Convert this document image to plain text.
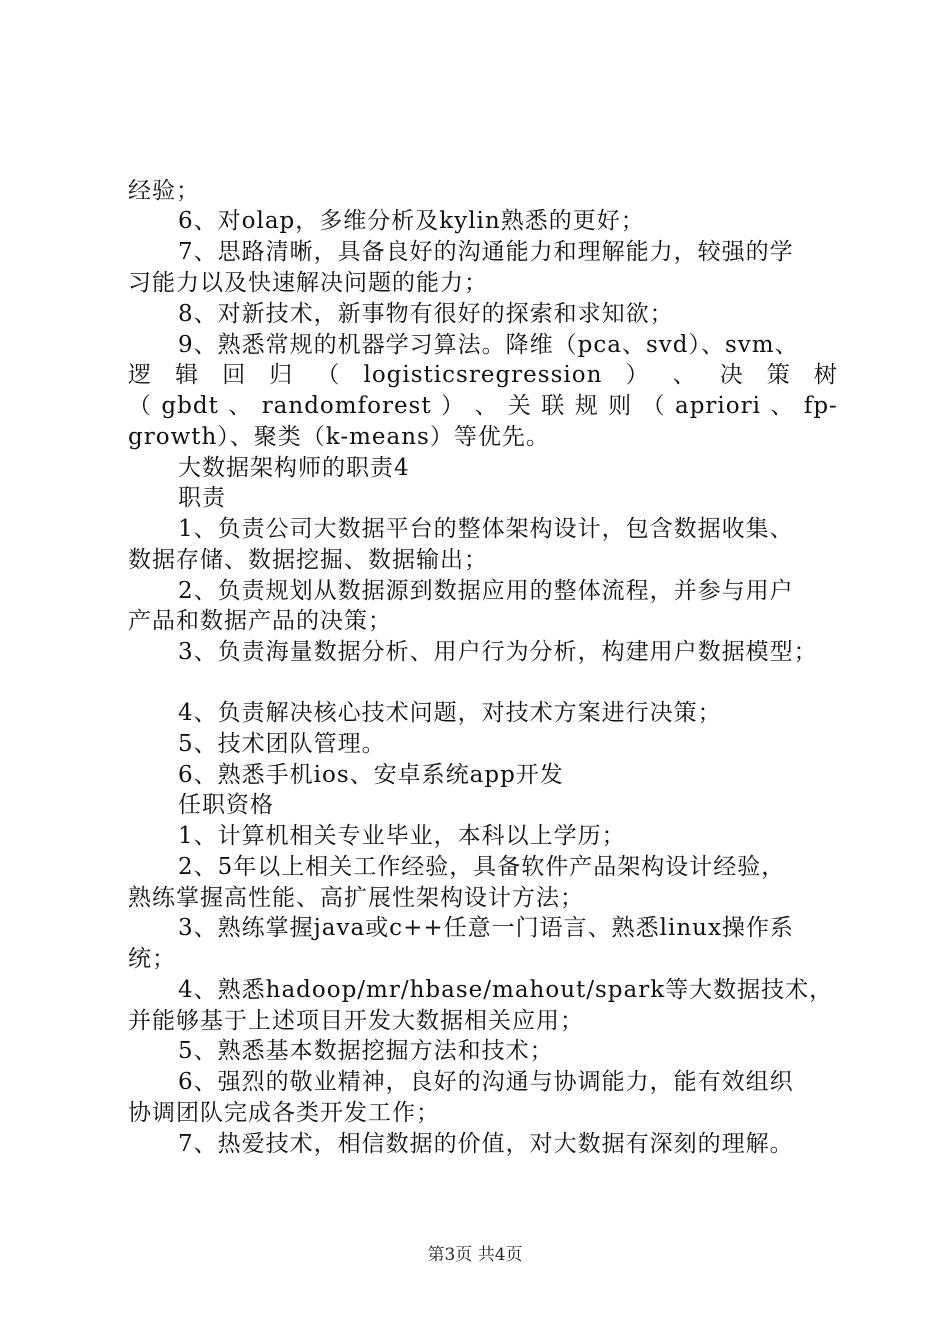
经验；
6、对olap，多维分析及kylin熟悉的更好；
7、思路清晰，具备良好的沟通能力和理解能力，较强的学
习能力以及快速解决问题的能力；
8、对新技术，新事物有很好的探索和求知欲；
9、熟悉常规的机器学习算法。降维（pca、svd）、svm、
逻 辑 回 归 （ logisticsregression ） 、 决 策 树
（ gbdt 、 randomforest ） 、 关 联 规 则 （ apriori 、 fp-
growth）、聚类（k-means）等优先。
大数据架构师的职责4
职责
1、负责公司大数据平台的整体架构设计，包含数据收集、
数据存储、数据挖掘、数据输出；
2、负责规划从数据源到数据应用的整体流程，并参与用户
产品和数据产品的决策；
3、负责海量数据分析、用户行为分析，构建用户数据模型；
4、负责解决核心技术问题，对技术方案进行决策；
5、技术团队管理。
6、熟悉手机ios、安卓系统app开发
任职资格
1、计算机相关专业毕业，本科以上学历；
2、5年以上相关工作经验，具备软件产品架构设计经验，
熟练掌握高性能、高扩展性架构设计方法；
3、熟练掌握java或c++任意一门语言、熟悉linux操作系
统；
4、熟悉hadoop/mr/hbase/mahout/spark等大数据技术，
并能够基于上述项目开发大数据相关应用；
5、熟悉基本数据挖掘方法和技术；
6、强烈的敬业精神，良好的沟通与协调能力，能有效组织
协调团队完成各类开发工作；
7、热爱技术，相信数据的价值，对大数据有深刻的理解。
第3页 共4页
